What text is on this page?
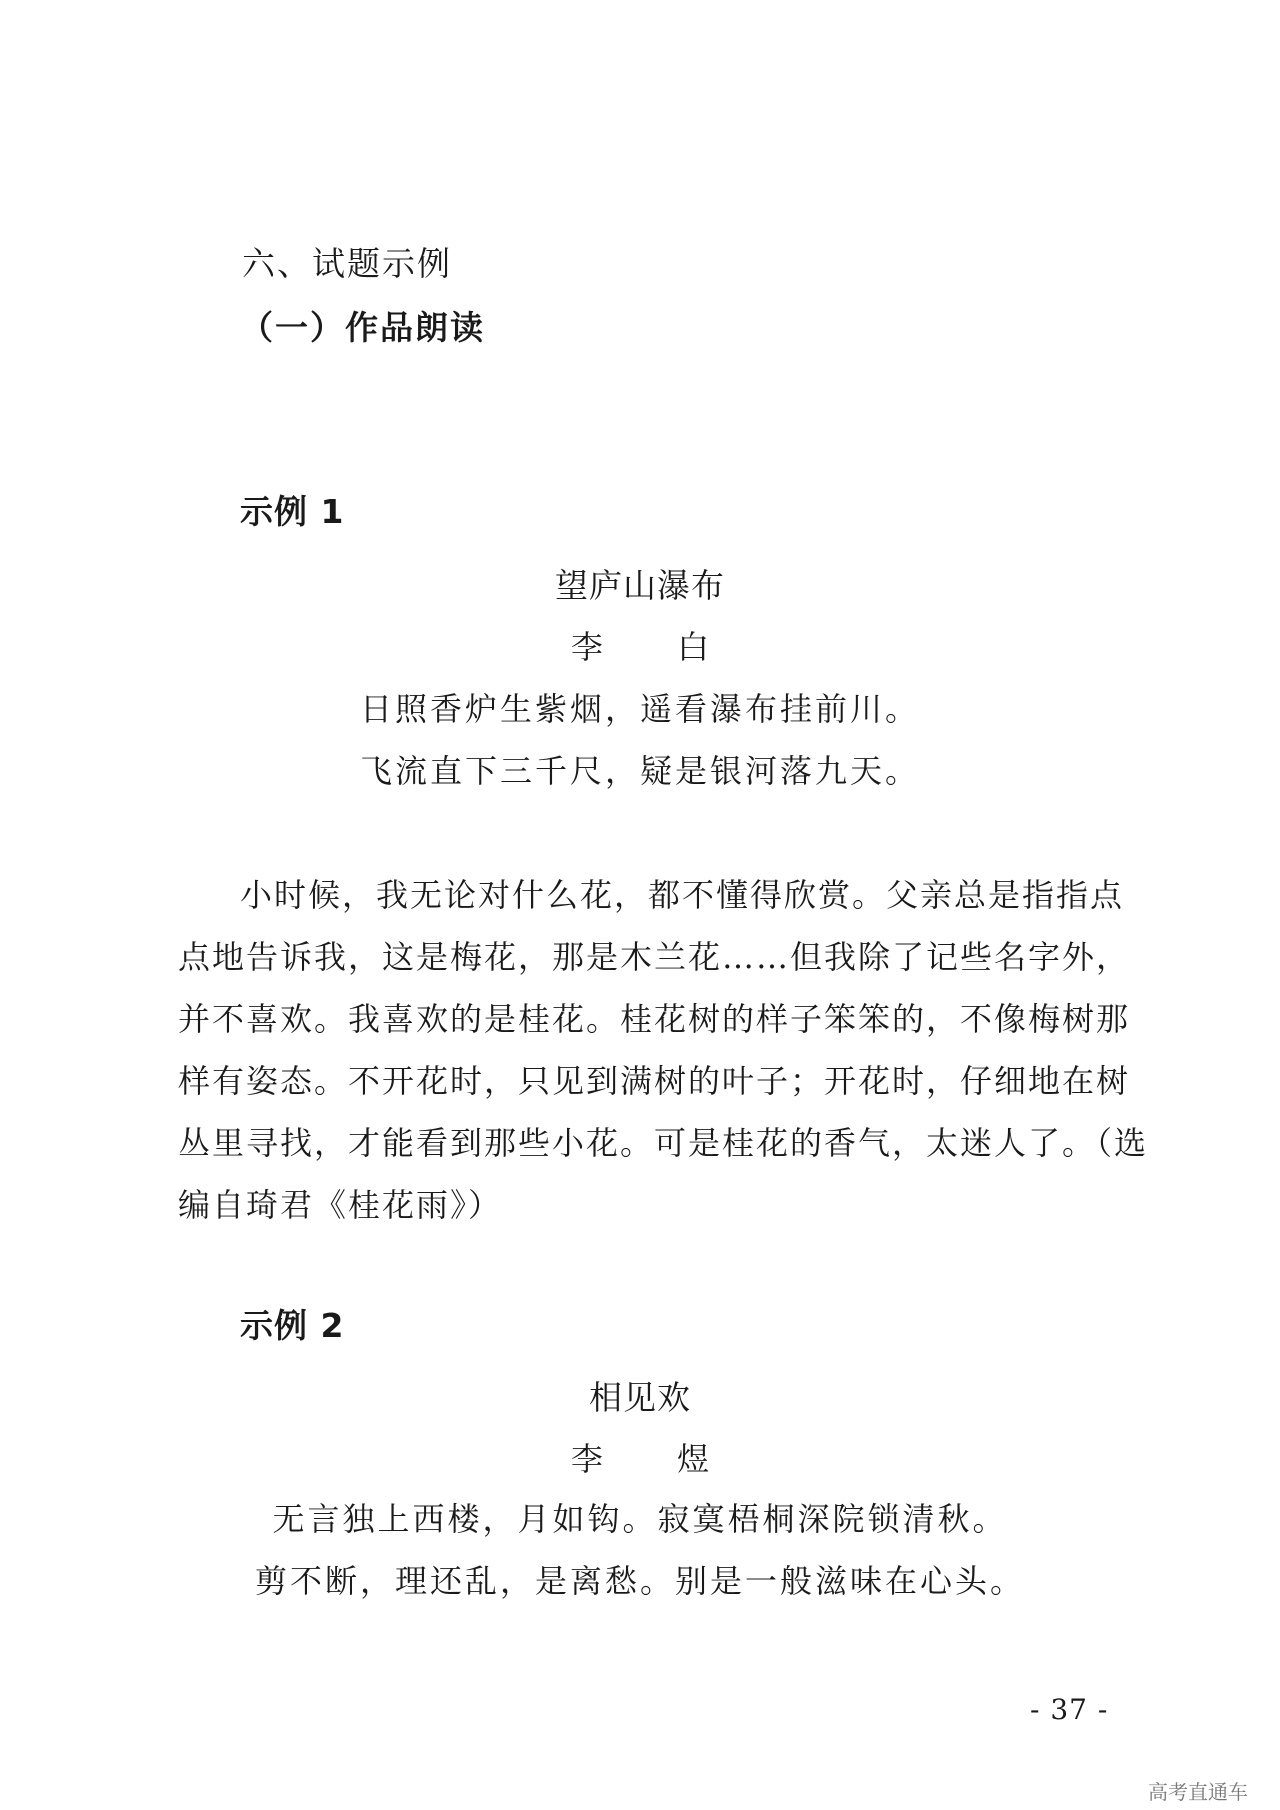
六、试题示例
（一）作品朗读
示例 1
望庐山瀑布
李 白
日照香炉生紫烟，遥看瀑布挂前川。
飞流直下三千尺，疑是银河落九天。
小时候，我无论对什么花，都不懂得欣赏。父亲总是指指点
点地告诉我，这是梅花，那是木兰花……但我除了记些名字外，
并不喜欢。我喜欢的是桂花。桂花树的样子笨笨的，不像梅树那
样有姿态。不开花时，只见到满树的叶子；开花时，仔细地在树
丛里寻找，才能看到那些小花。可是桂花的香气，太迷人了。（选
编自琦君《桂花雨》）
示例 2
相见欢
李 煜
无言独上西楼，月如钩。寂寞梧桐深院锁清秋。
剪不断，理还乱，是离愁。别是一般滋味在心头。
- 37 -
高考直通车
